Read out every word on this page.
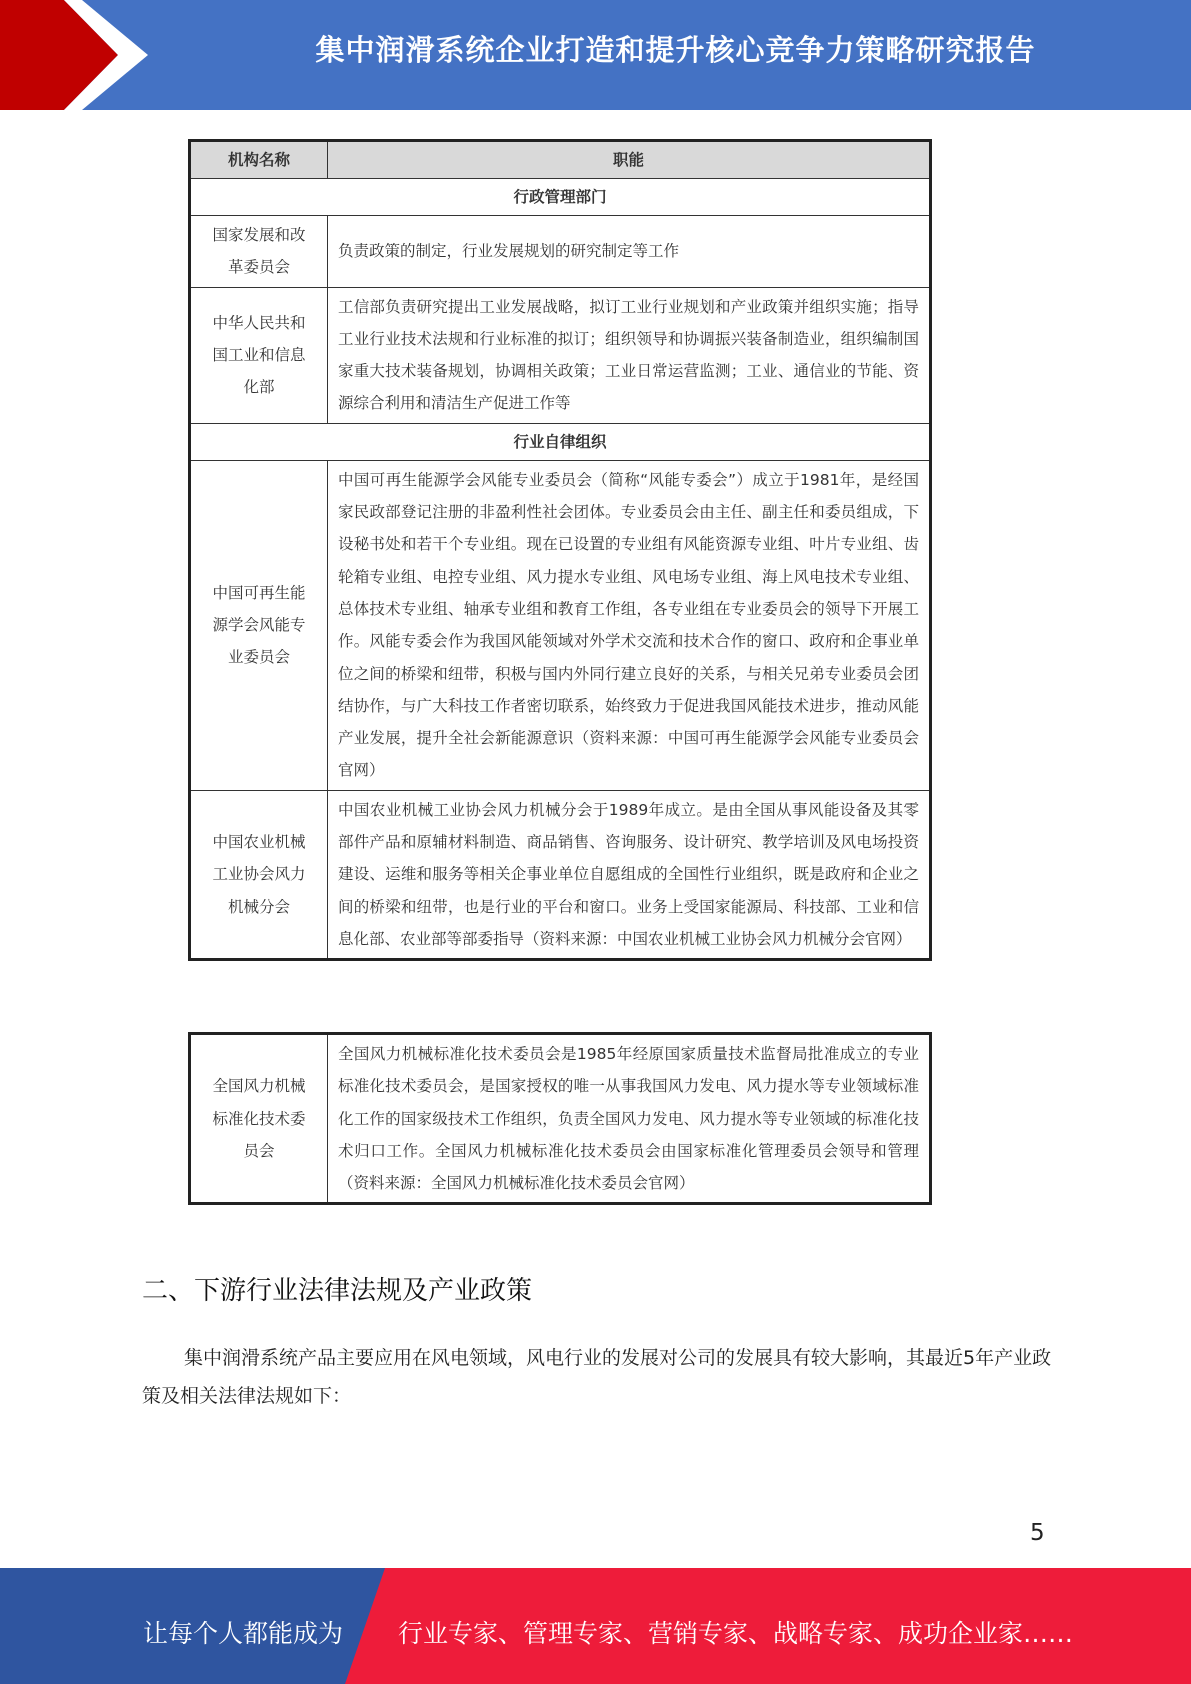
集中润滑系统企业打造和提升核心竞争力策略研究报告
机构名称	职能
行政管理部门	
国家发展和改革委员会	负责政策的制定，行业发展规划的研究制定等工作
中华人民共和国工业和信息化部	工信部负责研究提出工业发展战略，拟订工业行业规划和产业政策并组织实施；指导工业行业技术法规和行业标准的拟订；组织领导和协调振兴装备制造业，组织编制国家重大技术装备规划，协调相关政策；工业日常运营监测；工业、通信业的节能、资源综合利用和清洁生产促进工作等
行业自律组织	
中国可再生能源学会风能专业委员会	中国可再生能源学会风能专业委员会（简称“风能专委会”）成立于1981年，是经国家民政部登记注册的非盈利性社会团体。专业委员会由主任、副主任和委员组成，下设秘书处和若干个专业组。现在已设置的专业组有风能资源专业组、叶片专业组、齿轮箱专业组、电控专业组、风力提水专业组、风电场专业组、海上风电技术专业组、总体技术专业组、轴承专业组和教育工作组，各专业组在专业委员会的领导下开展工作。风能专委会作为我国风能领域对外学术交流和技术合作的窗口、政府和企事业单位之间的桥梁和纽带，积极与国内外同行建立良好的关系，与相关兄弟专业委员会团结协作，与广大科技工作者密切联系，始终致力于促进我国风能技术进步，推动风能产业发展，提升全社会新能源意识（资料来源：中国可再生能源学会风能专业委员会官网）
中国农业机械工业协会风力机械分会	中国农业机械工业协会风力机械分会于1989年成立。是由全国从事风能设备及其零部件产品和原辅材料制造、商品销售、咨询服务、设计研究、教学培训及风电场投资建设、运维和服务等相关企事业单位自愿组成的全国性行业组织，既是政府和企业之间的桥梁和纽带，也是行业的平台和窗口。业务上受国家能源局、科技部、工业和信息化部、农业部等部委指导（资料来源：中国农业机械工业协会风力机械分会官网）
全国风力机械标准化技术委员会	全国风力机械标准化技术委员会是1985年经原国家质量技术监督局批准成立的专业标准化技术委员会，是国家授权的唯一从事我国风力发电、风力提水等专业领域标准化工作的国家级技术工作组织，负责全国风力发电、风力提水等专业领域的标准化技术归口工作。全国风力机械标准化技术委员会由国家标准化管理委员会领导和管理（资料来源：全国风力机械标准化技术委员会官网）
二、下游行业法律法规及产业政策

集中润滑系统产品主要应用在风电领域，风电行业的发展对公司的发展具有较大影响，其最近5年产业政策及相关法律法规如下：

5
让每个人都能成为 行业专家、管理专家、营销专家、战略专家、成功企业家……
